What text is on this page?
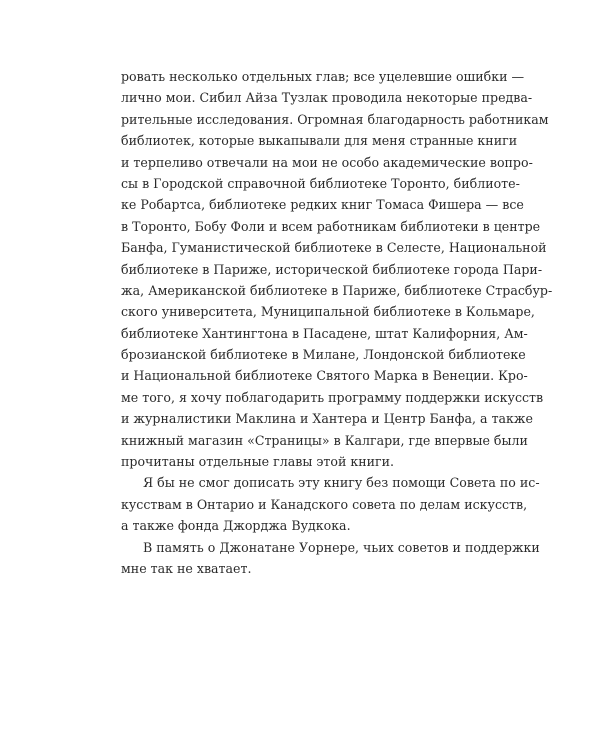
ровать несколько отдельных глав; все уцелевшие ошибки —
лично мои. Сибил Айза Тузлак проводила некоторые предва-
рительные исследования. Огромная благодарность работникам
библиотек, которые выкапывали для меня странные книги
и терпеливо отвечали на мои не особо академические вопро-
сы в Городской справочной библиотеке Торонто, библиоте-
ке Робартса, библиотеке редких книг Томаса Фишера — все
в Торонто, Бобу Фоли и всем работникам библиотеки в центре
Банфа, Гуманистической библиотеке в Селесте, Национальной
библиотеке в Париже, исторической библиотеке города Пари-
жа, Американской библиотеке в Париже, библиотеке Страсбур-
ского университета, Муниципальной библиотеке в Кольмаре,
библиотеке Хантингтона в Пасадене, штат Калифорния, Ам-
брозианской библиотеке в Милане, Лондонской библиотеке
и Национальной библиотеке Святого Марка в Венеции. Кро-
ме того, я хочу поблагодарить программу поддержки искусств
и журналистики Маклина и Хантера и Центр Банфа, а также
книжный магазин «Страницы» в Калгари, где впервые были
прочитаны отдельные главы этой книги.
Я бы не смог дописать эту книгу без помощи Совета по ис-
кусствам в Онтарио и Канадского совета по делам искусств,
а также фонда Джорджа Вудкока.
В память о Джонатане Уорнере, чьих советов и поддержки
мне так не хватает.
